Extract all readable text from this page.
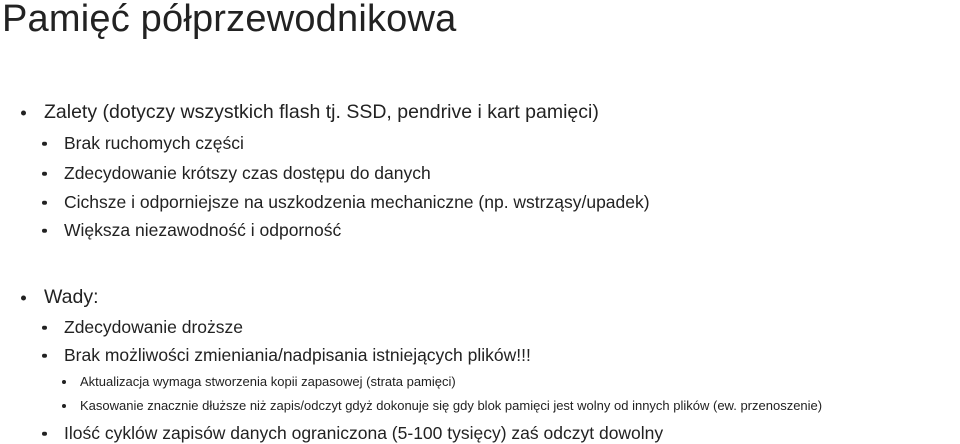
Pamięć półprzewodnikowa
Zalety (dotyczy wszystkich flash tj. SSD, pendrive i kart pamięci)
Brak ruchomych części
Zdecydowanie krótszy czas dostępu do danych
Cichsze i odporniejsze na uszkodzenia mechaniczne (np. wstrząsy/upadek)
Większa niezawodność i odporność
Wady:
Zdecydowanie droższe
Brak możliwości zmieniania/nadpisania istniejących plików!!!
Aktualizacja wymaga stworzenia kopii zapasowej (strata pamięci)
Kasowanie znacznie dłuższe niż zapis/odczyt gdyż dokonuje się gdy blok pamięci jest wolny od innych plików (ew. przenoszenie)
Ilość cyklów zapisów danych ograniczona (5-100 tysięcy) zaś odczyt dowolny
